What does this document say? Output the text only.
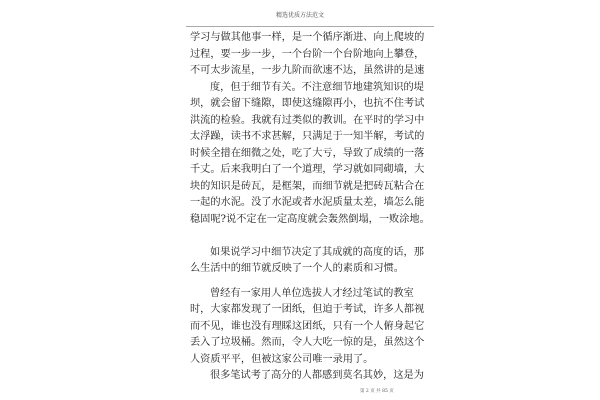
精选优质方法范文

学习与做其他事一样，是一个循序渐进、向上爬坡的过程，要一步一步，一个台阶一个台阶地向上攀登，不可太步流星，一步九阶而欲速不达，虽然讲的是速

度，但于细节有关。不注意细节地建筑知识的堤坝，就会留下缝隙，即使这缝隙再小，也抗不住考试洪流的检验。我就有过类似的教训。在平时的学习中太浮躁，读书不求甚解，只满足于一知半解，考试的时候全措在细微之处，吃了大亏，导致了成绩的一落千丈。后来我明白了一个道理，学习就如同砌墙，大块的知识是砖瓦，是框架，而细节就是把砖瓦粘合在一起的水泥。没了水泥或者水泥质量太差，墙怎么能稳固呢?说不定在一定高度就会轰然倒塌，一败涂地。

如果说学习中细节决定了其成就的高度的话，那么生活中的细节就反映了一个人的素质和习惯。

曾经有一家用人单位选拔人才经过笔试的教室时，大家都发现了一团纸，但迫于考试，许多人都视而不见，谁也没有理睬这团纸，只有一个人俯身起它丢入了垃圾桶。然而，令人大吃一惊的是，虽然这个人资质平平，但被这家公司唯一录用了。

很多笔试考了高分的人都感到莫名其妙，这是为

第 2 页 共 85 页
